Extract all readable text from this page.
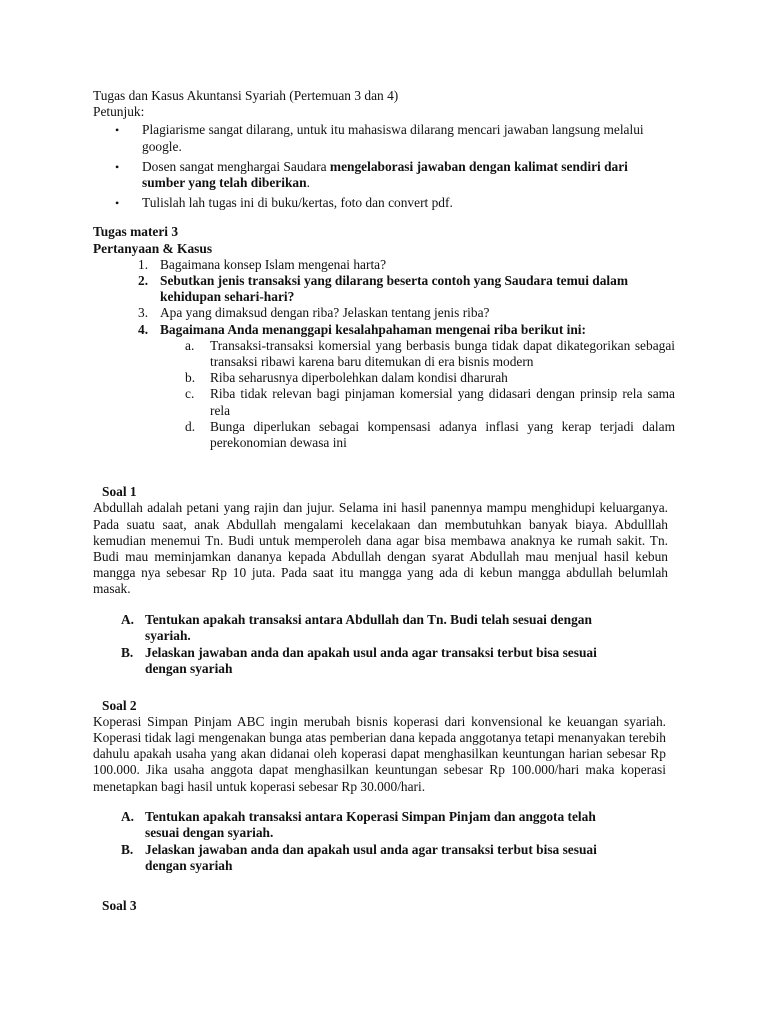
Tugas dan Kasus Akuntansi Syariah (Pertemuan 3 dan 4)

Petunjuk:

• Plagiarisme sangat dilarang, untuk itu mahasiswa dilarang mencari jawaban langsung melalui google.
• Dosen sangat menghargai Saudara mengelaborasi jawaban dengan kalimat sendiri dari sumber yang telah diberikan.
• Tulislah lah tugas ini di buku/kertas, foto dan convert pdf.

Tugas materi 3

Pertanyaan & Kasus

1. Bagaimana konsep Islam mengenai harta?
2. Sebutkan jenis transaksi yang dilarang beserta contoh yang Saudara temui dalam kehidupan sehari-hari?
3. Apa yang dimaksud dengan riba? Jelaskan tentang jenis riba?
4. Bagaimana Anda menanggapi kesalahpahaman mengenai riba berikut ini:
a. Transaksi-transaksi komersial yang berbasis bunga tidak dapat dikategorikan sebagai transaksi ribawi karena baru ditemukan di era bisnis modern
b. Riba seharusnya diperbolehkan dalam kondisi dharurah
c. Riba tidak relevan bagi pinjaman komersial yang didasari dengan prinsip rela sama rela
d. Bunga diperlukan sebagai kompensasi adanya inflasi yang kerap terjadi dalam perekonomian dewasa ini

Soal 1

Abdullah adalah petani yang rajin dan jujur. Selama ini hasil panennya mampu menghidupi keluarganya. Pada suatu saat, anak Abdullah mengalami kecelakaan dan membutuhkan banyak biaya. Abdulllah kemudian menemui Tn. Budi untuk memperoleh dana agar bisa membawa anaknya ke rumah sakit. Tn. Budi mau meminjamkan dananya kepada Abdullah dengan syarat Abdullah mau menjual hasil kebun mangga nya sebesar Rp 10 juta. Pada saat itu mangga yang ada di kebun mangga abdullah belumlah masak.

A. Tentukan apakah transaksi antara Abdullah dan Tn. Budi telah sesuai dengan syariah.
B. Jelaskan jawaban anda dan apakah usul anda agar transaksi terbut bisa sesuai dengan syariah

Soal 2

Koperasi Simpan Pinjam ABC ingin merubah bisnis koperasi dari konvensional ke keuangan syariah. Koperasi tidak lagi mengenakan bunga atas pemberian dana kepada anggotanya tetapi menanyakan terebih dahulu apakah usaha yang akan didanai oleh koperasi dapat menghasilkan keuntungan harian sebesar Rp 100.000. Jika usaha anggota dapat menghasilkan keuntungan sebesar Rp 100.000/hari maka koperasi menetapkan bagi hasil untuk koperasi sebesar Rp 30.000/hari.

A. Tentukan apakah transaksi antara Koperasi Simpan Pinjam dan anggota telah sesuai dengan syariah.
B. Jelaskan jawaban anda dan apakah usul anda agar transaksi terbut bisa sesuai dengan syariah

Soal 3
